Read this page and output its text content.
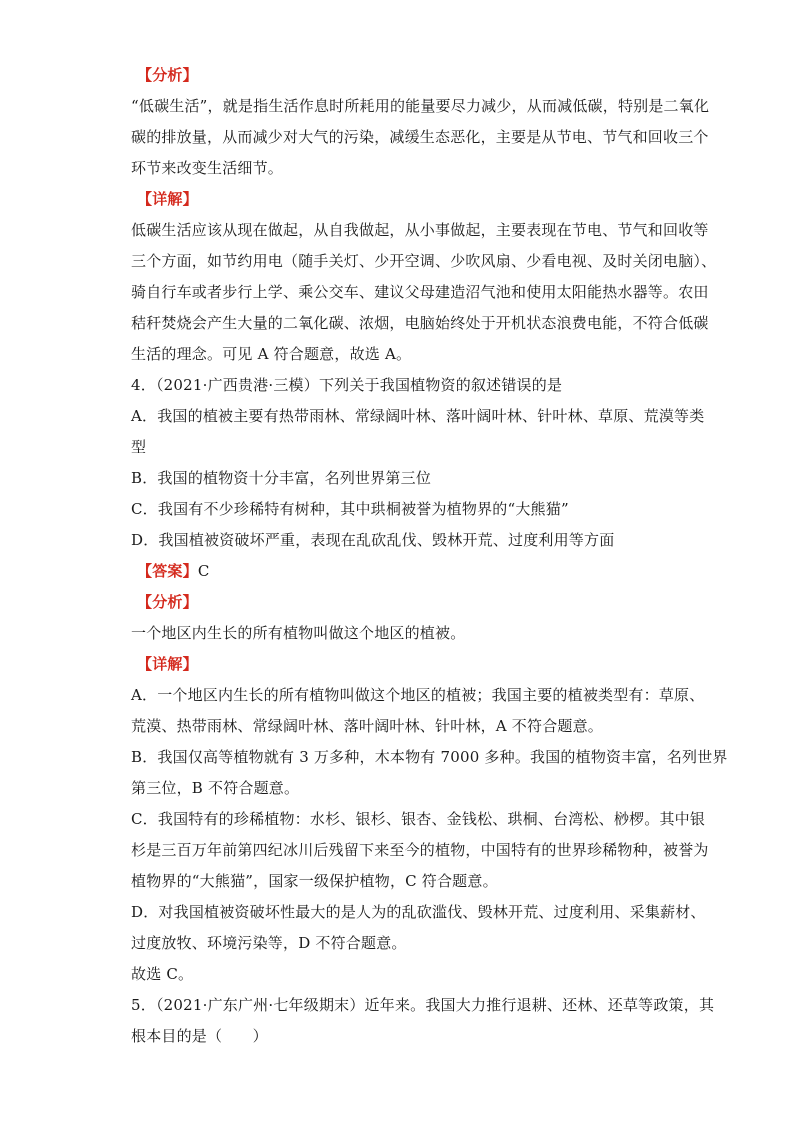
【分析】
“低碳生活”，就是指生活作息时所耗用的能量要尽力减少，从而减低碳，特别是二氧化
碳的排放量，从而减少对大气的污染，减缓生态恶化，主要是从节电、节气和回收三个
环节来改变生活细节。
【详解】
低碳生活应该从现在做起，从自我做起，从小事做起，主要表现在节电、节气和回收等
三个方面，如节约用电（随手关灯、少开空调、少吹风扇、少看电视、及时关闭电脑）、
骑自行车或者步行上学、乘公交车、建议父母建造沼气池和使用太阳能热水器等。农田
秸秆焚烧会产生大量的二氧化碳、浓烟，电脑始终处于开机状态浪费电能，不符合低碳
生活的理念。可见 A 符合题意，故选 A。
4．（2021·广西贵港·三模）下列关于我国植物资的叙述错误的是
A．我国的植被主要有热带雨林、常绿阔叶林、落叶阔叶林、针叶林、草原、荒漠等类
型
B．我国的植物资十分丰富，名列世界第三位
C．我国有不少珍稀特有树种，其中珙桐被誉为植物界的“大熊猫”
D．我国植被资破坏严重，表现在乱砍乱伐、毁林开荒、过度利用等方面
【答案】C
【分析】
一个地区内生长的所有植物叫做这个地区的植被。
【详解】
A．一个地区内生长的所有植物叫做这个地区的植被；我国主要的植被类型有：草原、
荒漠、热带雨林、常绿阔叶林、落叶阔叶林、针叶林，A 不符合题意。
B．我国仅高等植物就有 3 万多种，木本物有 7000 多种。我国的植物资丰富，名列世界
第三位，B 不符合题意。
C．我国特有的珍稀植物：水杉、银杉、银杏、金钱松、珙桐、台湾松、桫椤。其中银
杉是三百万年前第四纪冰川后残留下来至今的植物，中国特有的世界珍稀物种，被誉为
植物界的“大熊猫”，国家一级保护植物，C 符合题意。
D．对我国植被资破坏性最大的是人为的乱砍滥伐、毁林开荒、过度利用、采集薪材、
过度放牧、环境污染等，D 不符合题意。
故选 C。
5．（2021·广东广州·七年级期末）近年来。我国大力推行退耕、还林、还草等政策，其
根本目的是（　　）
